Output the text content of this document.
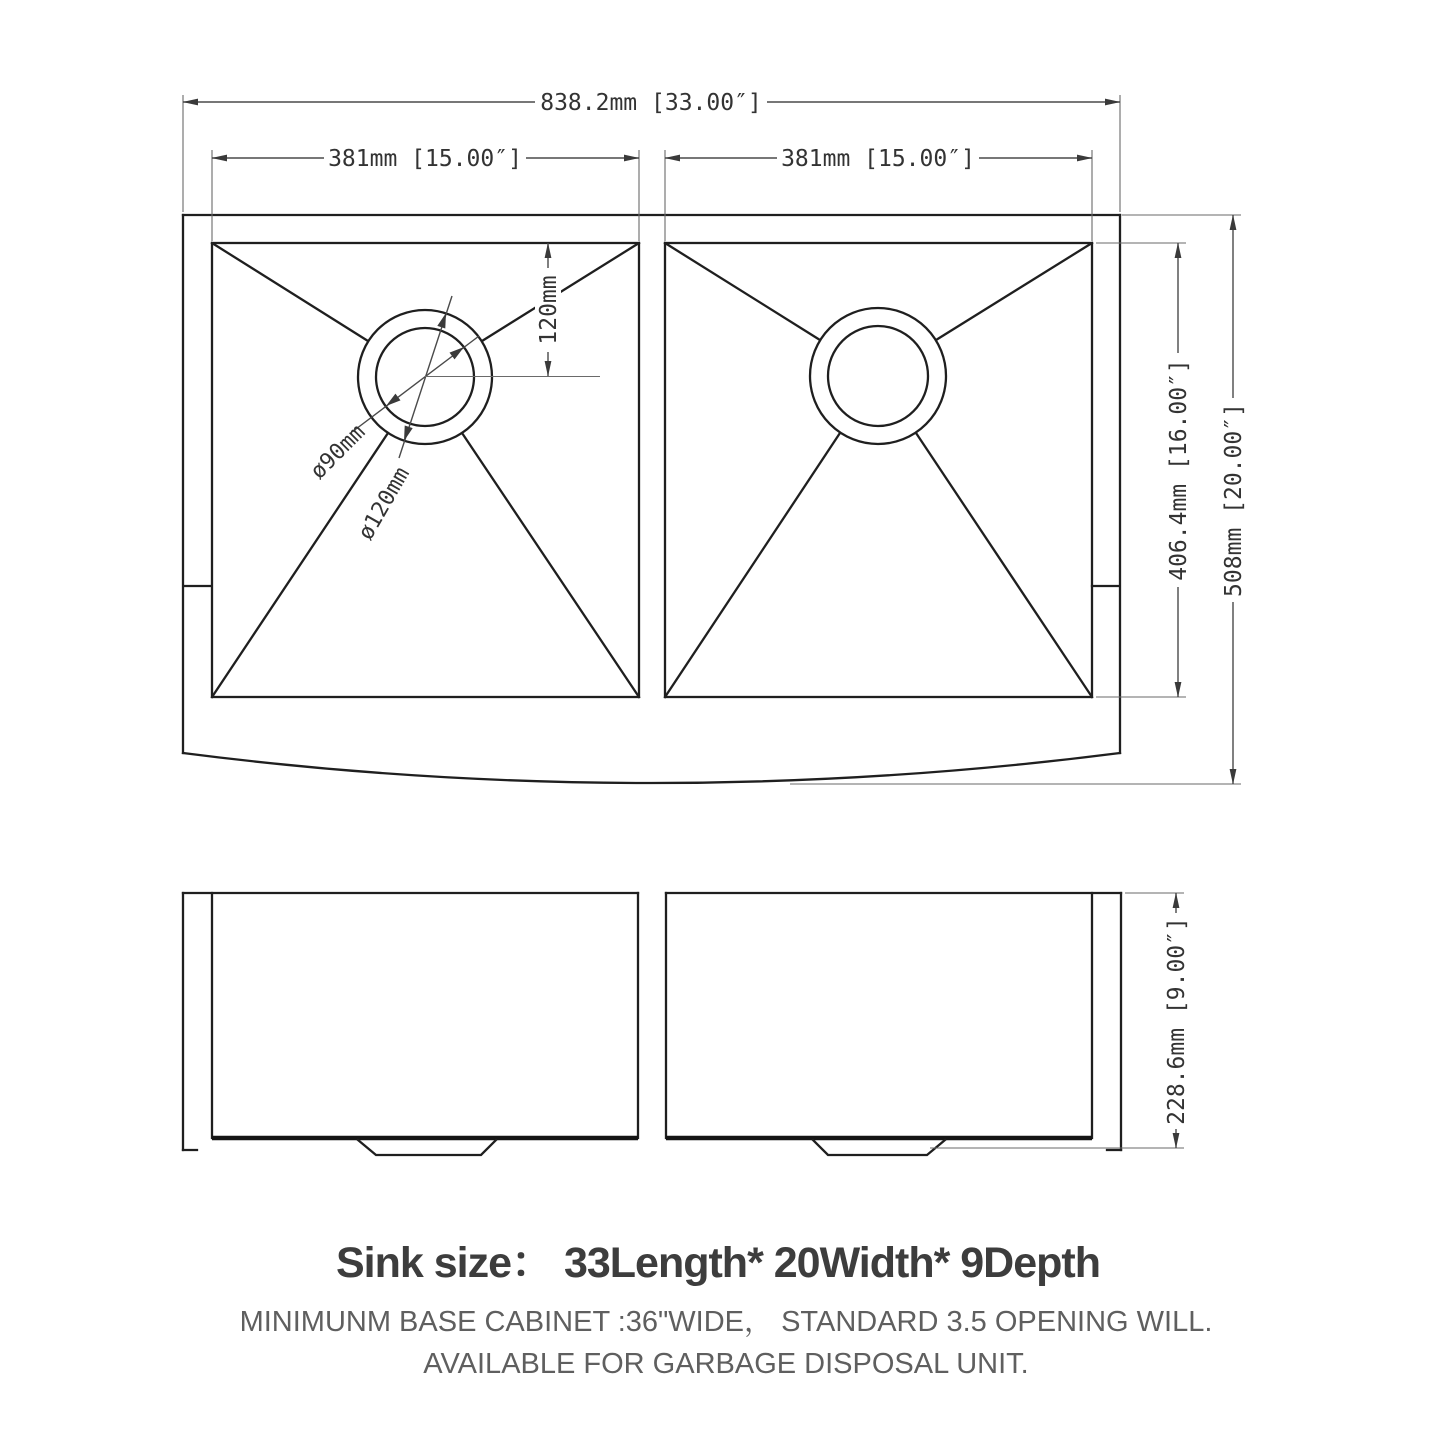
ø90mm
ø120mm
838.2mm [33.00″]
381mm [15.00″]	381mm [15.00″]
120mm
406.4mm [16.00″] 508mm [20.00″]
228.6mm [9.00″]
Sink size： 33Length* 20Width* 9Depth
MINIMUNM BASE CABINET :36"WIDE， STANDARD 3.5 OPENING WILL.
AVAILABLE FOR GARBAGE DISPOSAL UNIT.
